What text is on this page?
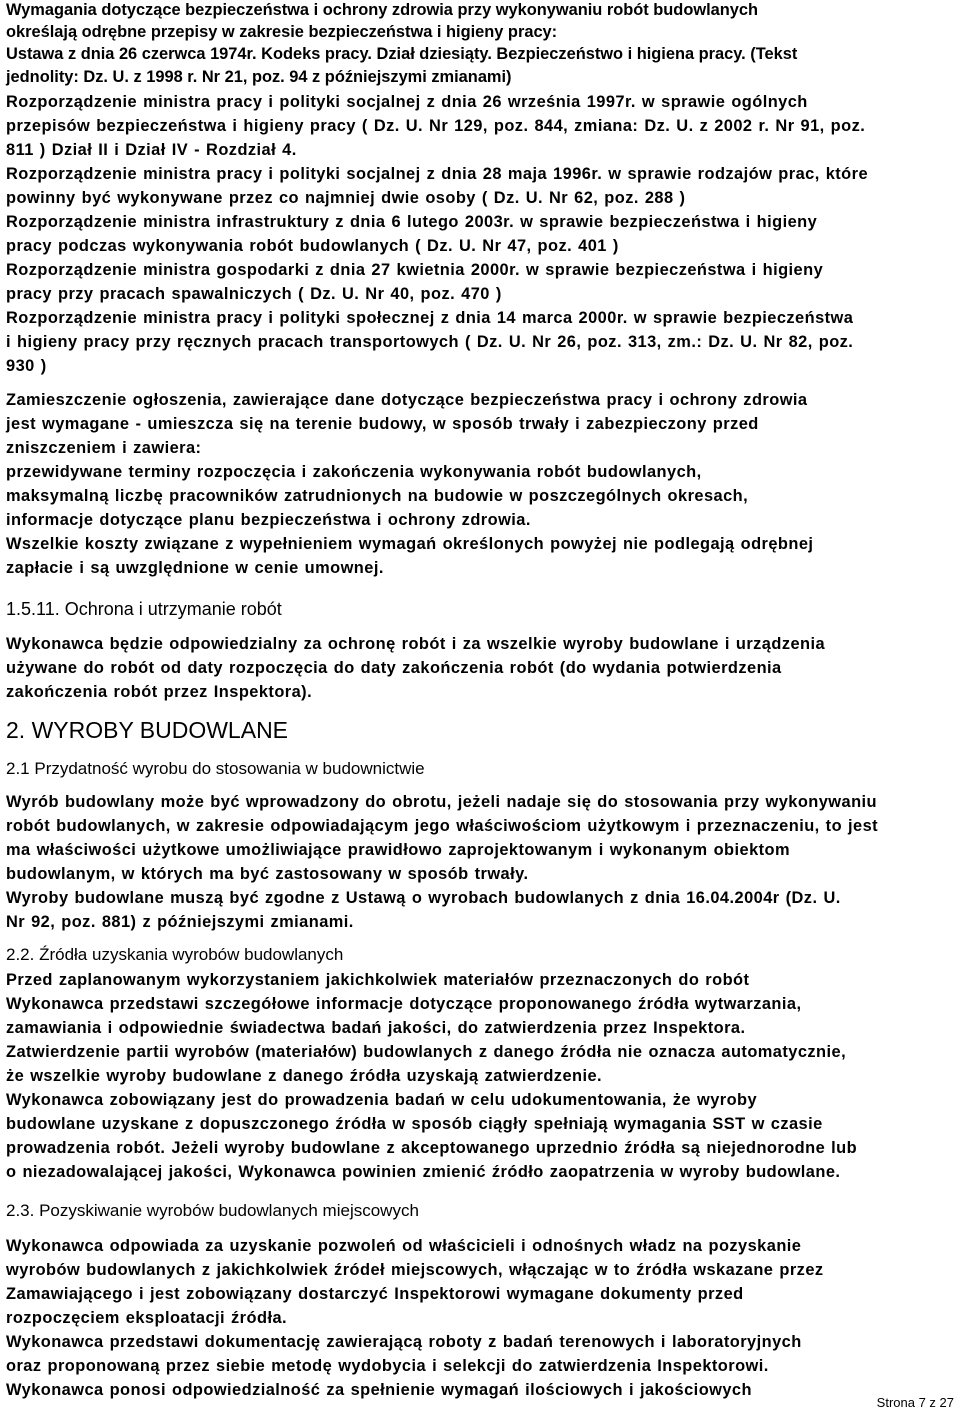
Wymagania dotyczące bezpieczeństwa i ochrony zdrowia przy wykonywaniu robót budowlanych
określają odrębne przepisy w zakresie bezpieczeństwa i higieny pracy:
Ustawa z dnia 26 czerwca 1974r. Kodeks pracy. Dział dziesiąty. Bezpieczeństwo i higiena pracy. (Tekst
jednolity: Dz. U. z 1998 r. Nr 21, poz. 94 z późniejszymi zmianami)
Rozporządzenie ministra pracy i polityki socjalnej z dnia 26 września 1997r. w sprawie ogólnych
przepisów bezpieczeństwa i higieny pracy ( Dz. U. Nr 129, poz. 844, zmiana: Dz. U. z 2002 r. Nr 91, poz.
811 ) Dział II i Dział IV - Rozdział 4.
Rozporządzenie ministra pracy i polityki socjalnej z dnia 28 maja 1996r. w sprawie rodzajów prac, które
powinny być wykonywane przez co najmniej dwie osoby ( Dz. U. Nr 62, poz. 288 )
Rozporządzenie ministra infrastruktury z dnia 6 lutego 2003r. w sprawie bezpieczeństwa i higieny
pracy podczas wykonywania robót budowlanych ( Dz. U. Nr 47, poz. 401 )
Rozporządzenie ministra gospodarki z dnia 27 kwietnia 2000r. w sprawie bezpieczeństwa i higieny
pracy przy pracach spawalniczych ( Dz. U. Nr 40, poz. 470 )
Rozporządzenie ministra pracy i polityki społecznej z dnia 14 marca 2000r. w sprawie bezpieczeństwa
i higieny pracy przy ręcznych pracach transportowych ( Dz. U. Nr 26, poz. 313, zm.: Dz. U. Nr 82, poz.
930 )
Zamieszczenie ogłoszenia, zawierające dane dotyczące bezpieczeństwa pracy i ochrony zdrowia
jest wymagane - umieszcza się na terenie budowy, w sposób trwały i zabezpieczony przed
zniszczeniem i zawiera:
przewidywane terminy rozpoczęcia i zakończenia wykonywania robót budowlanych,
maksymalną liczbę pracowników zatrudnionych na budowie w poszczególnych okresach,
informacje dotyczące planu bezpieczeństwa i ochrony zdrowia.
Wszelkie koszty związane z wypełnieniem wymagań określonych powyżej nie podlegają odrębnej
zapłacie i są uwzględnione w cenie umownej.
1.5.11. Ochrona i utrzymanie robót
Wykonawca będzie odpowiedzialny za ochronę robót i za wszelkie wyroby budowlane i urządzenia
używane do robót od daty rozpoczęcia do daty zakończenia robót (do wydania potwierdzenia
zakończenia robót przez Inspektora).
2. WYROBY BUDOWLANE
2.1 Przydatność wyrobu do stosowania w budownictwie
Wyrób budowlany może być wprowadzony do obrotu, jeżeli nadaje się do stosowania przy wykonywaniu
robót budowlanych, w zakresie odpowiadającym jego właściwościom użytkowym i przeznaczeniu, to jest
ma właściwości użytkowe umożliwiające prawidłowo zaprojektowanym i wykonanym obiektom
budowlanym, w których ma być zastosowany w sposób trwały.
Wyroby budowlane muszą być zgodne z Ustawą o wyrobach budowlanych z dnia 16.04.2004r (Dz. U.
Nr 92, poz. 881) z późniejszymi zmianami.
2.2. Źródła uzyskania wyrobów budowlanych
Przed zaplanowanym wykorzystaniem jakichkolwiek materiałów przeznaczonych do robót
Wykonawca przedstawi szczegółowe informacje dotyczące proponowanego źródła wytwarzania,
zamawiania i odpowiednie świadectwa badań jakości, do zatwierdzenia przez Inspektora.
Zatwierdzenie partii wyrobów (materiałów) budowlanych z danego źródła nie oznacza automatycznie,
że wszelkie wyroby budowlane z danego źródła uzyskają zatwierdzenie.
Wykonawca zobowiązany jest do prowadzenia badań w celu udokumentowania, że wyroby
budowlane uzyskane z dopuszczonego źródła w sposób ciągły spełniają wymagania SST w czasie
prowadzenia robót. Jeżeli wyroby budowlane z akceptowanego uprzednio źródła są niejednorodne lub
o niezadowalającej jakości, Wykonawca powinien zmienić źródło zaopatrzenia w wyroby budowlane.
2.3. Pozyskiwanie wyrobów budowlanych miejscowych
Wykonawca odpowiada za uzyskanie pozwoleń od właścicieli i odnośnych władz na pozyskanie
wyrobów budowlanych z jakichkolwiek źródeł miejscowych, włączając w to źródła wskazane przez
Zamawiającego i jest zobowiązany dostarczyć Inspektorowi wymagane dokumenty przed
rozpoczęciem eksploatacji źródła.
Wykonawca przedstawi dokumentację zawierającą roboty z badań terenowych i laboratoryjnych
oraz proponowaną przez siebie metodę wydobycia i selekcji do zatwierdzenia Inspektorowi.
Wykonawca ponosi odpowiedzialność za spełnienie wymagań ilościowych i jakościowych
Strona 7 z 27
